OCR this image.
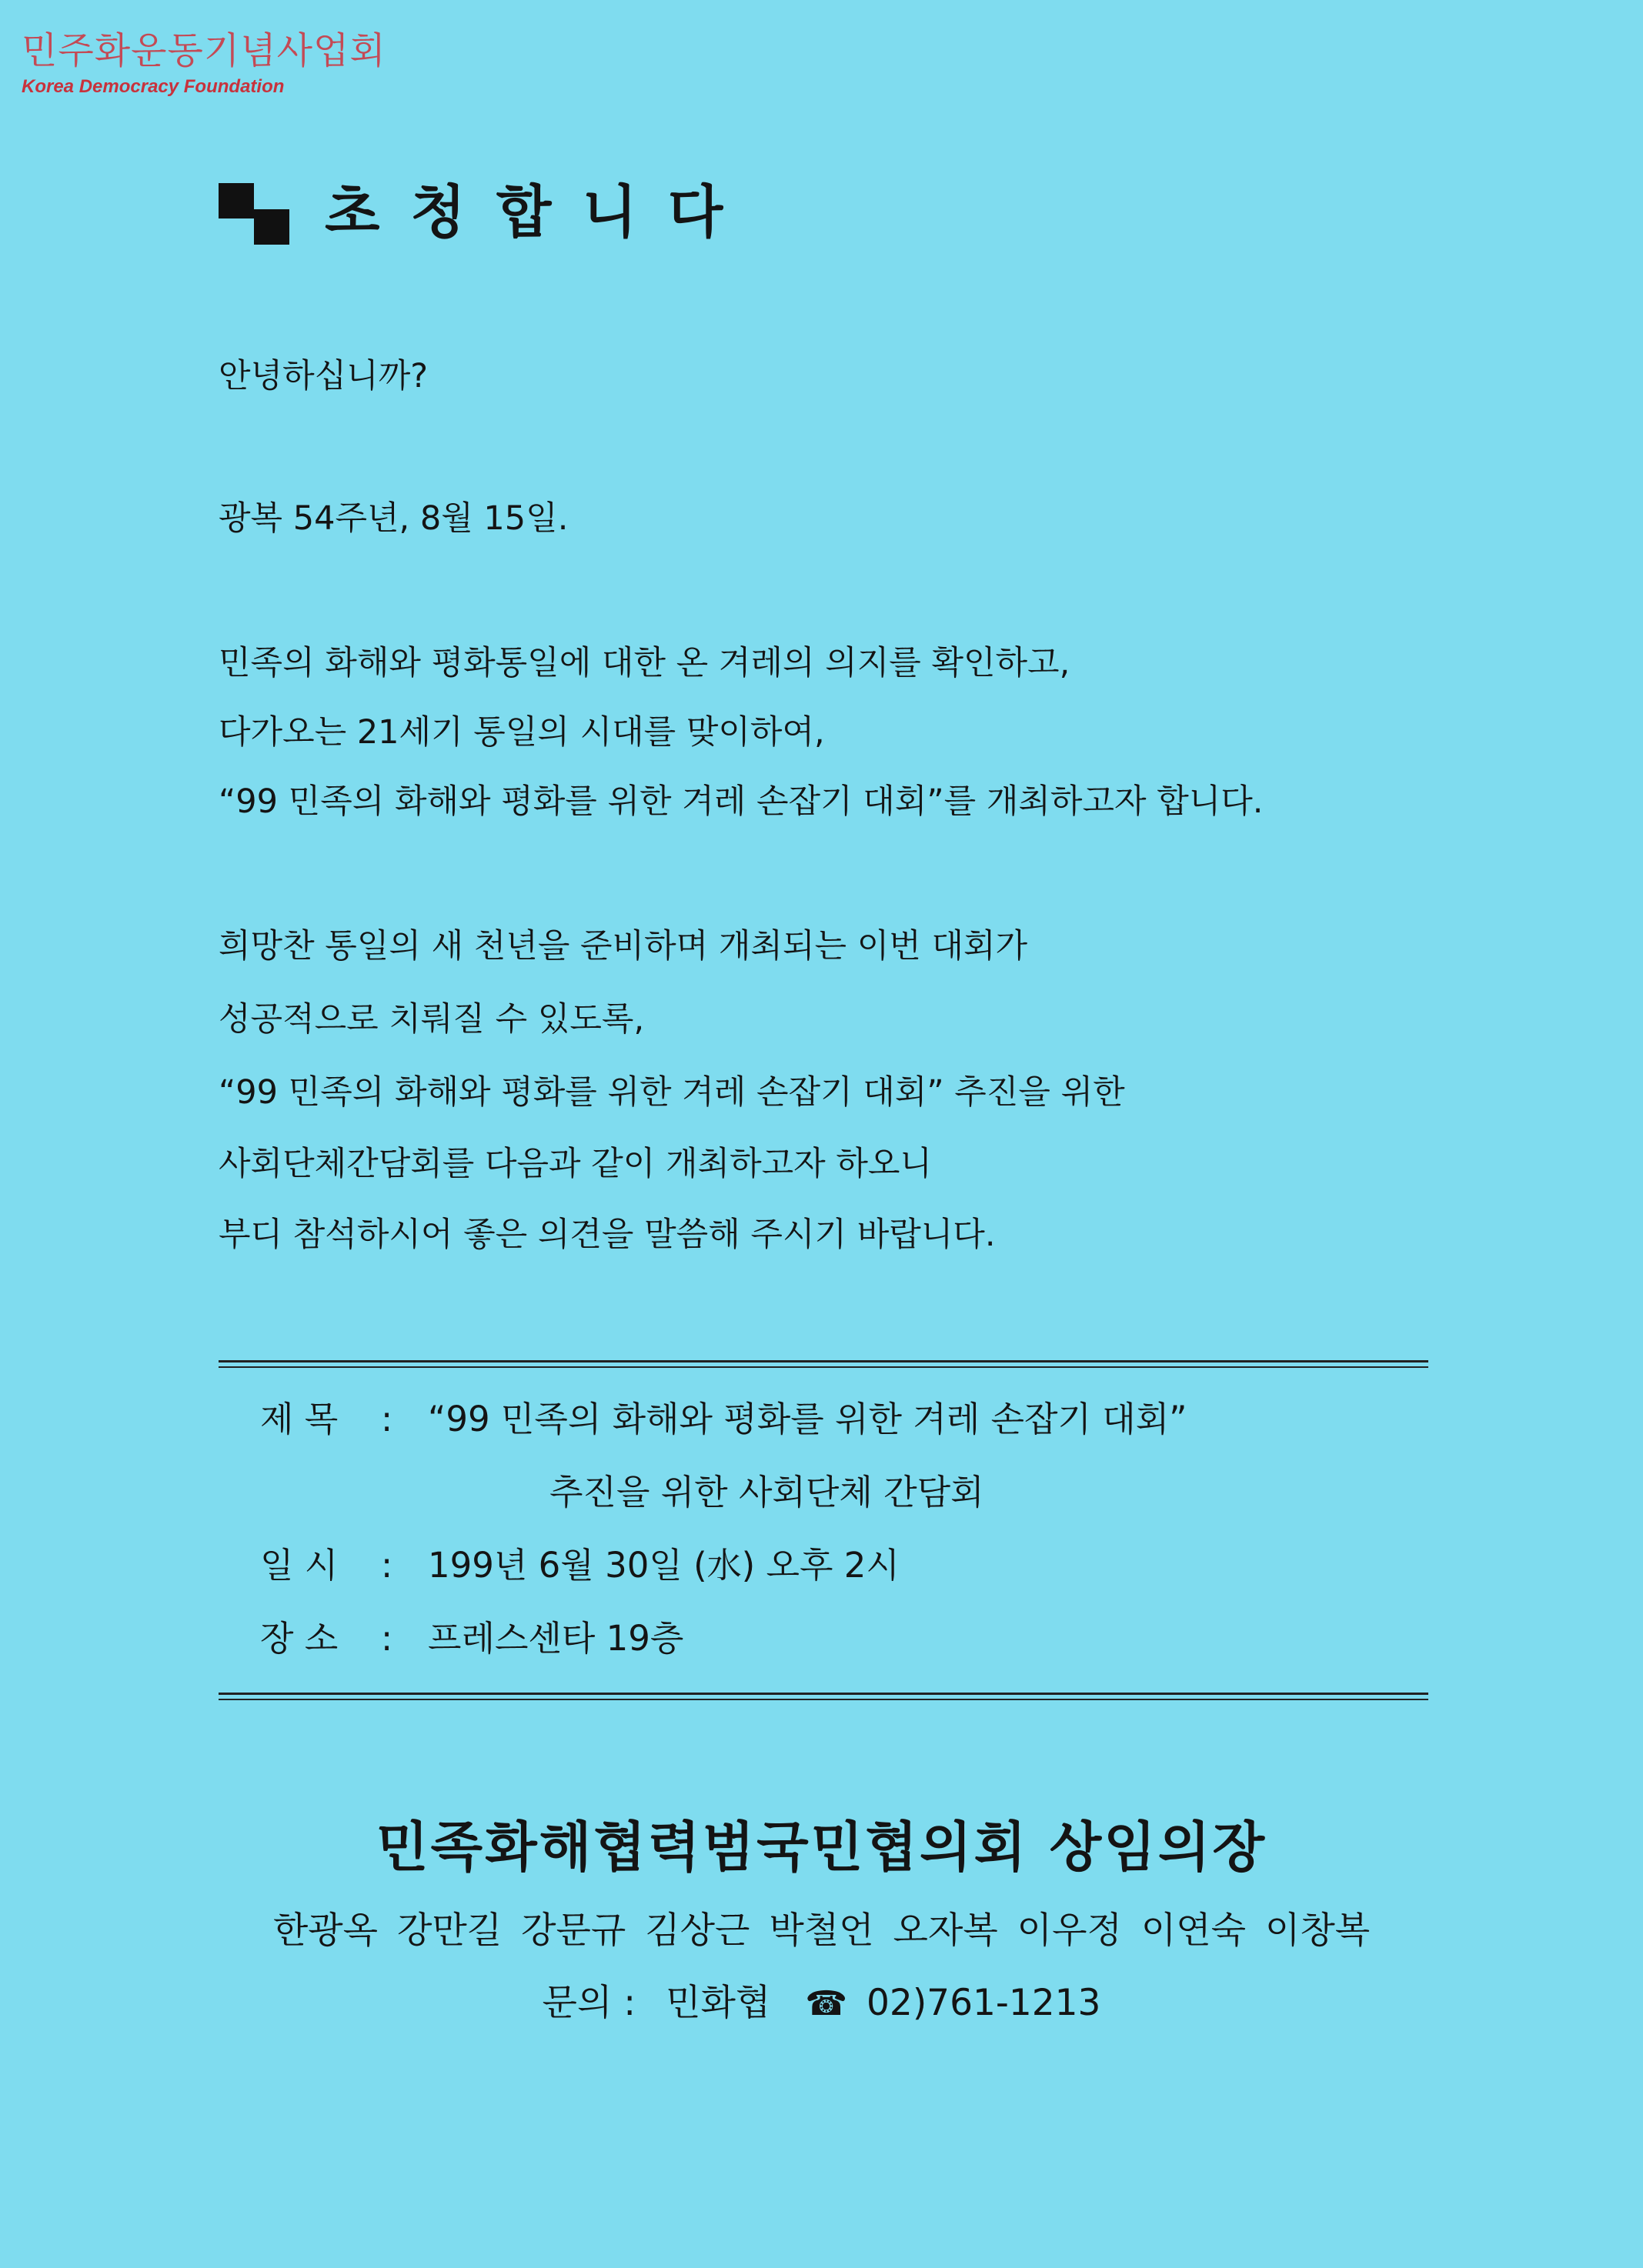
민주화운동기념사업회
Korea Democracy Foundation
초청합니다
안녕하십니까?
광복 54주년, 8월 15일.
민족의 화해와 평화통일에 대한 온 겨레의 의지를 확인하고,
다가오는 21세기 통일의 시대를 맞이하여,
“99 민족의 화해와 평화를 위한 겨레 손잡기 대회”를 개최하고자 합니다.
희망찬 통일의 새 천년을 준비하며 개최되는 이번 대회가
성공적으로 치뤄질 수 있도록,
“99 민족의 화해와 평화를 위한 겨레 손잡기 대회” 추진을 위한
사회단체간담회를 다음과 같이 개최하고자 하오니
부디 참석하시어 좋은 의견을 말씀해 주시기 바랍니다.
제 목 : “99 민족의 화해와 평화를 위한 겨레 손잡기 대회”
추진을 위한 사회단체 간담회
일 시 : 199년 6월 30일 (水) 오후 2시
장 소 : 프레스센타 19층
민족화해협력범국민협의회 상임의장
한광옥 강만길 강문규 김상근 박철언 오자복 이우정 이연숙 이창복
문의 : 민화협 ☎ 02)761-1213
